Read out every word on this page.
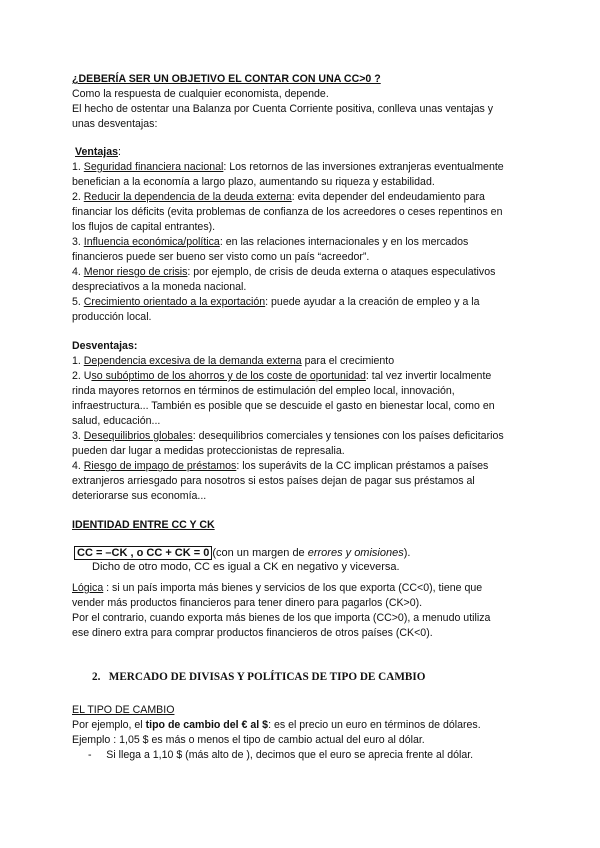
¿DEBERÍA SER UN OBJETIVO EL CONTAR CON UNA CC>0 ?

Como la respuesta de cualquier economista, depende.

El hecho de ostentar una Balanza por Cuenta Corriente positiva, conlleva unas ventajas y

unas desventajas:

Ventajas:

1. Seguridad financiera nacional: Los retornos de las inversiones extranjeras eventualmente

benefician a la economía a largo plazo, aumentando su riqueza y estabilidad.

2. Reducir la dependencia de la deuda externa: evita depender del endeudamiento para

financiar los déficits (evita problemas de confianza de los acreedores o ceses repentinos en

los flujos de capital entrantes).

3. Influencia económica/política: en las relaciones internacionales y en los mercados

financieros puede ser bueno ser visto como un país “acreedor”.

4. Menor riesgo de crisis: por ejemplo, de crisis de deuda externa o ataques especulativos

despreciativos a la moneda nacional.

5. Crecimiento orientado a la exportación: puede ayudar a la creación de empleo y a la

producción local.

Desventajas:

1. Dependencia excesiva de la demanda externa para el crecimiento

2. Uso subóptimo de los ahorros y de los coste de oportunidad: tal vez invertir localmente

rinda mayores retornos en términos de estimulación del empleo local, innovación,

infraestructura... También es posible que se descuide el gasto en bienestar local, como en

salud, educación...

3. Desequilibrios globales: desequilibrios comerciales y tensiones con los países deficitarios

pueden dar lugar a medidas proteccionistas de represalia.

4. Riesgo de impago de préstamos: los superávits de la CC implican préstamos a países

extranjeros arriesgado para nosotros si estos países dejan de pagar sus préstamos al

deteriorarse sus economía...

IDENTIDAD ENTRE CC Y CK

CC = –CK , o CC + CK = 0 (con un margen de errores y omisiones).
Dicho de otro modo, CC es igual a CK en negativo y viceversa.

Lógica : si un país importa más bienes y servicios de los que exporta (CC<0), tiene que

vender más productos financieros para tener dinero para pagarlos (CK>0).

Por el contrario, cuando exporta más bienes de los que importa (CC>0), a menudo utiliza

ese dinero extra para comprar productos financieros de otros países (CK<0).

2. MERCADO DE DIVISAS Y POLÍTICAS DE TIPO DE CAMBIO

EL TIPO DE CAMBIO

Por ejemplo, el tipo de cambio del € al $: es el precio un euro en términos de dólares.

Ejemplo : 1,05 $ es más o menos el tipo de cambio actual del euro al dólar.

- Si llega a 1,10 $ (más alto de ), decimos que el euro se aprecia frente al dólar.
